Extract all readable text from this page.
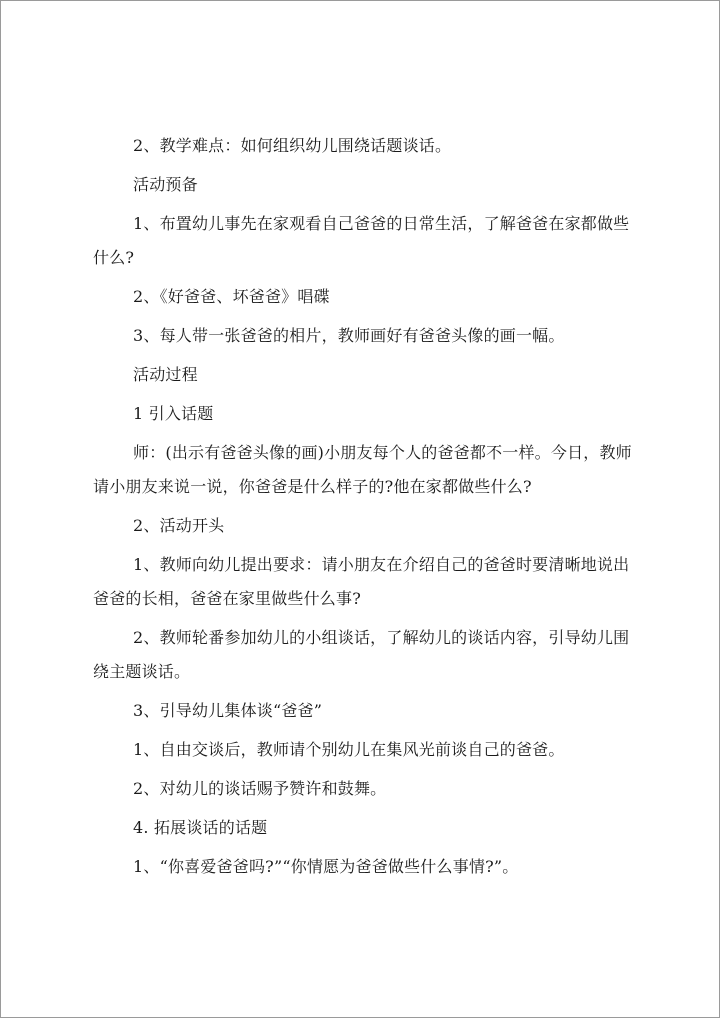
2、教学难点：如何组织幼儿围绕话题谈话。

活动预备

1、布置幼儿事先在家观看自己爸爸的日常生活，了解爸爸在家都做些什么?

2、《好爸爸、坏爸爸》唱碟

3、每人带一张爸爸的相片，教师画好有爸爸头像的画一幅。

活动过程

1 引入话题

师：(出示有爸爸头像的画)小朋友每个人的爸爸都不一样。今日，教师请小朋友来说一说，你爸爸是什么样子的?他在家都做些什么?

2、活动开头

1、教师向幼儿提出要求：请小朋友在介绍自己的爸爸时要清晰地说出爸爸的长相，爸爸在家里做些什么事?

2、教师轮番参加幼儿的小组谈话，了解幼儿的谈话内容，引导幼儿围绕主题谈话。

3、引导幼儿集体谈“爸爸”

1、自由交谈后，教师请个别幼儿在集风光前谈自己的爸爸。

2、对幼儿的谈话赐予赞许和鼓舞。

4. 拓展谈话的话题

1、“你喜爱爸爸吗?”“你情愿为爸爸做些什么事情?”。
